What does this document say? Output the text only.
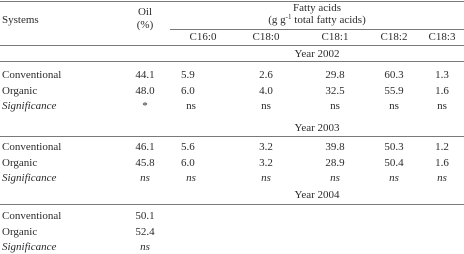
Systems
Oil
(%)
Fatty acids
(g $g^{-1}$ total fatty acids)
C16:0	C18:0	C18:1	C18:2	C18:3
Year 2002
Conventional	44.1	5.9	2.6	29.8	60.3	1.3
Organic	48.0	6.0	4.0	32.5	55.9	1.6
Significance	*	ns	ns	ns	ns	ns
Year 2003
Conventional	46.1	5.6	3.2	39.8	50.3	1.2
Organic	45.8	6.0	3.2	28.9	50.4	1.6
Significance	ns	ns	ns	ns	ns	ns
Year 2004
Conventional	50.1
Organic	52.4
Significance	ns
